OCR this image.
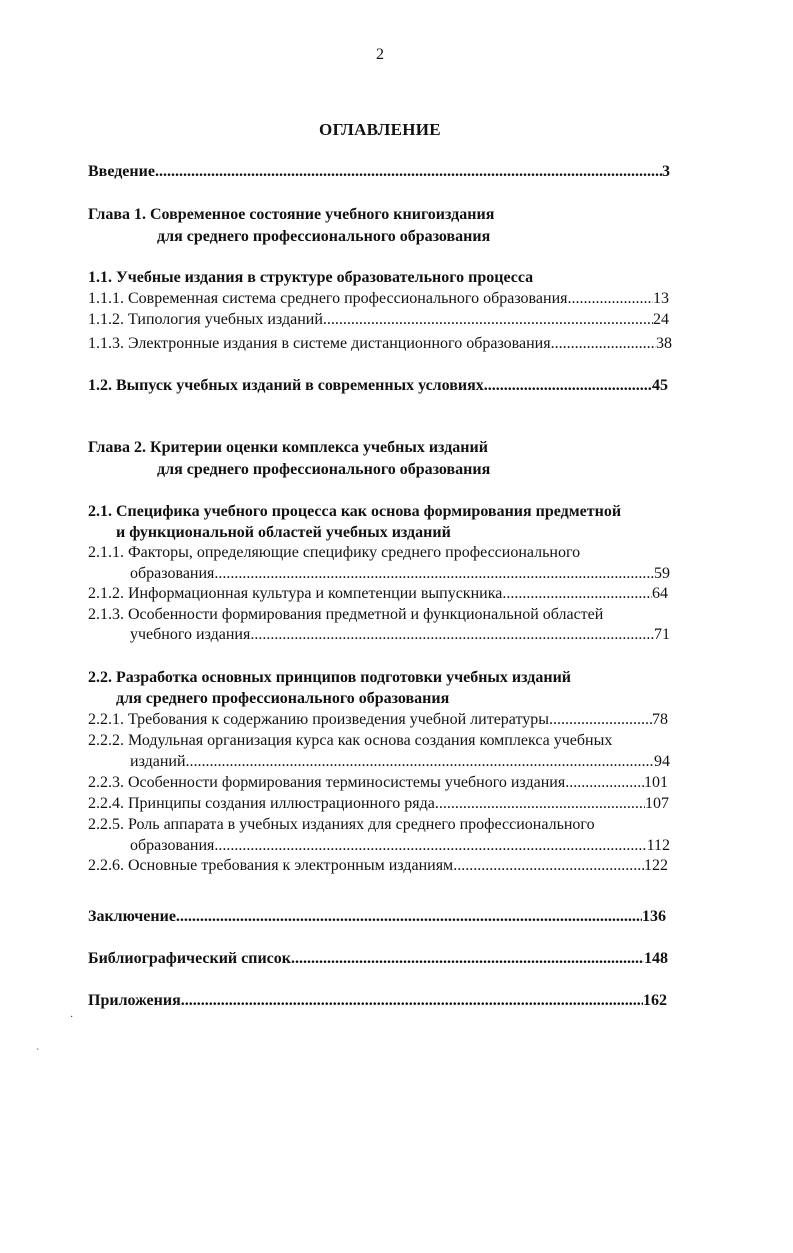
2
ОГЛАВЛЕНИЕ
Введение .....	3
Глава 1. Современное состояние учебного книгоиздания
для среднего профессионального образования
1.1. Учебные издания в структуре образовательного процесса
1.1.1. Современная система среднего профессионального образования .....	13
1.1.2. Типология учебных изданий .....	24
1.1.3. Электронные издания в системе дистанционного образования .....	38
1.2. Выпуск учебных изданий в современных условиях .....	45
Глава 2. Критерии оценки комплекса учебных изданий
для среднего профессионального образования
2.1. Специфика учебного процесса как основа формирования предметной
и функциональной областей учебных изданий
2.1.1. Факторы, определяющие специфику среднего профессионального
образования .....	59
2.1.2. Информационная культура и компетенции выпускника .....	64
2.1.3. Особенности формирования предметной и функциональной областей
учебного издания .....	71
2.2. Разработка основных принципов подготовки учебных изданий
для среднего профессионального образования
2.2.1. Требования к содержанию произведения учебной литературы .....	78
2.2.2. Модульная организация курса как основа создания комплекса учебных
изданий .....	94
2.2.3. Особенности формирования терминосистемы учебного издания .....	101
2.2.4. Принципы создания иллюстрационного ряда .....	107
2.2.5. Роль аппарата в учебных изданиях для среднего профессионального
образования .....	112
2.2.6. Основные требования к электронным изданиям .....	122
Заключение .....	136
Библиографический список .....	148
Приложения .....	162
·
`
